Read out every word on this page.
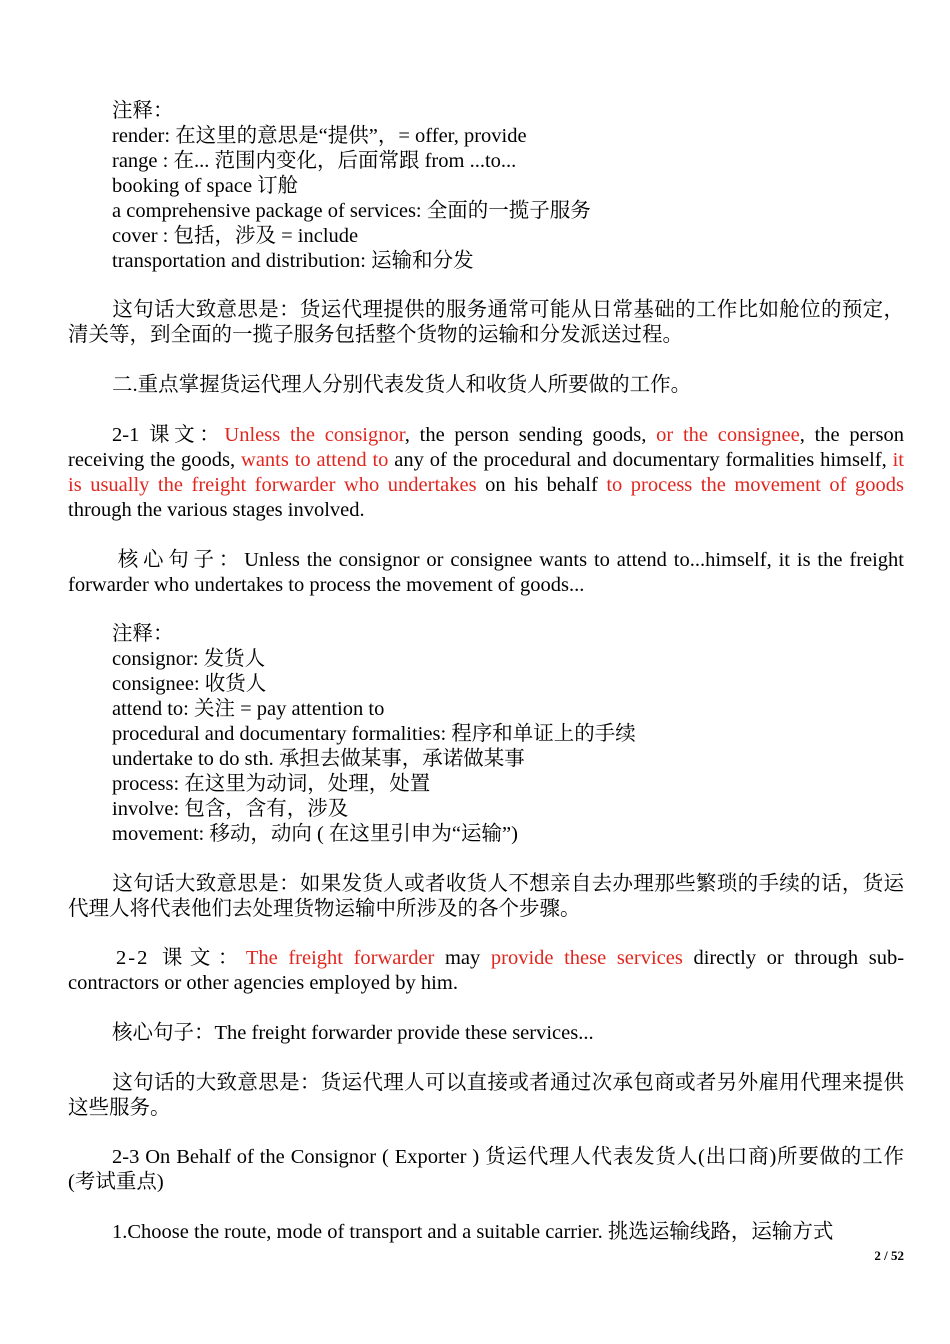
注释：
render: 在这里的意思是“提供”，= offer, provide
range : 在... 范围内变化，后面常跟 from ...to...
booking of space 订舱
a comprehensive package of services: 全面的一揽子服务
cover : 包括，涉及 = include
transportation and distribution: 运输和分发
这句话大致意思是：货运代理提供的服务通常可能从日常基础的工作比如舱位的预定，清关等，到全面的一揽子服务包括整个货物的运输和分发派送过程。
二.重点掌握货运代理人分别代表发货人和收货人所要做的工作。
2-1 课文：Unless the consignor, the person sending goods, or the consignee, the person receiving the goods, wants to attend to any of the procedural and documentary formalities himself, it is usually the freight forwarder who undertakes on his behalf to process the movement of goods through the various stages involved.
核心句子：Unless the consignor or consignee wants to attend to...himself, it is the freight forwarder who undertakes to process the movement of goods...
注释：
consignor: 发货人
consignee: 收货人
attend to: 关注 = pay attention to
procedural and documentary formalities: 程序和单证上的手续
undertake to do sth. 承担去做某事，承诺做某事
process: 在这里为动词，处理，处置
involve: 包含，含有，涉及
movement: 移动，动向 ( 在这里引申为“运输”)
这句话大致意思是：如果发货人或者收货人不想亲自去办理那些繁琐的手续的话，货运代理人将代表他们去处理货物运输中所涉及的各个步骤。
2-2 课文：The freight forwarder may provide these services directly or through sub-contractors or other agencies employed by him.
核心句子：The freight forwarder provide these services...
这句话的大致意思是：货运代理人可以直接或者通过次承包商或者另外雇用代理来提供这些服务。
2-3 On Behalf of the Consignor ( Exporter ) 货运代理人代表发货人(出口商)所要做的工作(考试重点)
1.Choose the route, mode of transport and a suitable carrier. 挑选运输线路，运输方式
2 / 52
